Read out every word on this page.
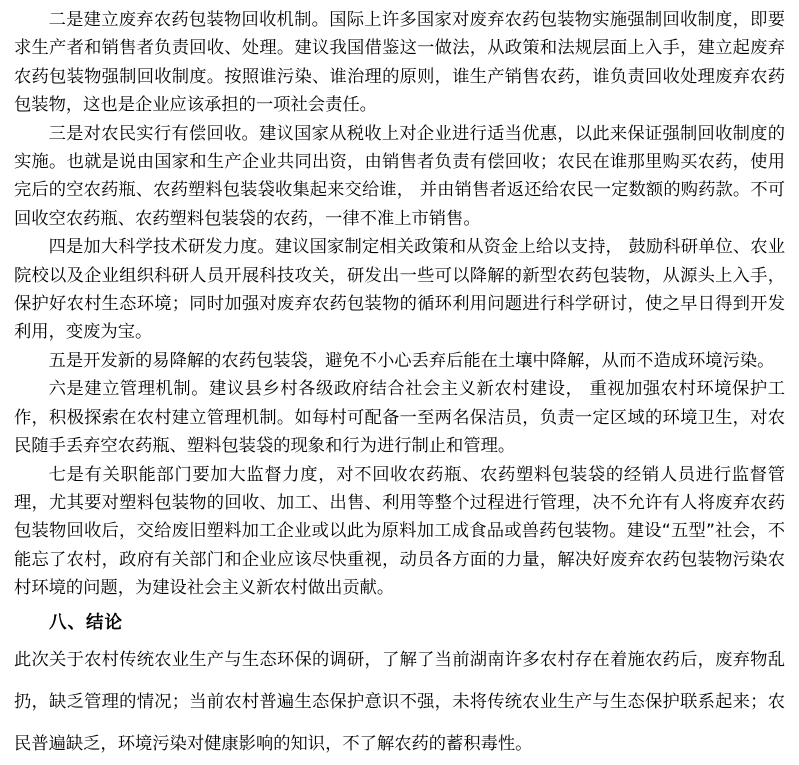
二是建立废弃农药包装物回收机制。国际上许多国家对废弃农药包装物实施强制回收制度，即要求生产者和销售者负责回收、处理。建议我国借鉴这一做法，从政策和法规层面上入手，建立起废弃农药包装物强制回收制度。按照谁污染、谁治理的原则，谁生产销售农药，谁负责回收处理废弃农药包装物，这也是企业应该承担的一项社会责任。

三是对农民实行有偿回收。建议国家从税收上对企业进行适当优惠，以此来保证强制回收制度的实施。也就是说由国家和生产企业共同出资，由销售者负责有偿回收；农民在谁那里购买农药，使用完后的空农药瓶、农药塑料包装袋收集起来交给谁， 并由销售者返还给农民一定数额的购药款。不可回收空农药瓶、农药塑料包装袋的农药，一律不准上市销售。

四是加大科学技术研发力度。建议国家制定相关政策和从资金上给以支持， 鼓励科研单位、农业院校以及企业组织科研人员开展科技攻关，研发出一些可以降解的新型农药包装物，从源头上入手，保护好农村生态环境；同时加强对废弃农药包装物的循环利用问题进行科学研讨，使之早日得到开发利用，变废为宝。

五是开发新的易降解的农药包装袋，避免不小心丢弃后能在土壤中降解，从而不造成环境污染。

六是建立管理机制。建议县乡村各级政府结合社会主义新农村建设， 重视加强农村环境保护工作，积极探索在农村建立管理机制。如每村可配备一至两名保洁员，负责一定区域的环境卫生，对农民随手丢弃空农药瓶、塑料包装袋的现象和行为进行制止和管理。

七是有关职能部门要加大监督力度，对不回收农药瓶、农药塑料包装袋的经销人员进行监督管理，尤其要对塑料包装物的回收、加工、出售、利用等整个过程进行管理，决不允许有人将废弃农药包装物回收后，交给废旧塑料加工企业或以此为原料加工成食品或兽药包装物。建设“五型”社会，不能忘了农村，政府有关部门和企业应该尽快重视，动员各方面的力量，解决好废弃农药包装物污染农村环境的问题，为建设社会主义新农村做出贡献。

八、结论

此次关于农村传统农业生产与生态环保的调研，了解了当前湖南许多农村存在着施农药后，废弃物乱扔，缺乏管理的情况；当前农村普遍生态保护意识不强，未将传统农业生产与生态保护联系起来；农民普遍缺乏，环境污染对健康影响的知识，不了解农药的蓄积毒性。
